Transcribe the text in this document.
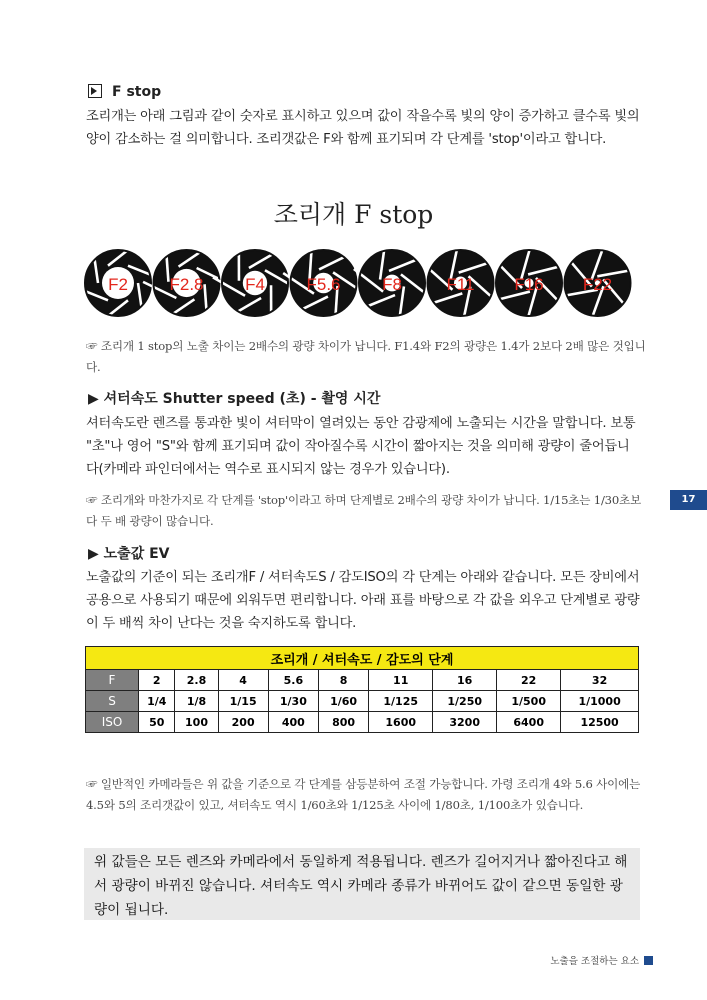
F stop
조리개는 아래 그림과 같이 숫자로 표시하고 있으며 값이 작을수록 빛의 양이 증가하고 클수록 빛의 양이 감소하는 걸 의미합니다. 조리갯값은 F와 함께 표기되며 각 단계를 'stop'이라고 합니다.
조리개 F stop
F2 F2.8 F4 F5.6 F8	F11 F16 F22
☞ 조리개 1 stop의 노출 차이는 2배수의 광량 차이가 납니다. F1.4와 F2의 광량은 1.4가 2보다 2배 많은 것입니다.
▶ 셔터속도 Shutter speed (초) - 촬영 시간
셔터속도란 렌즈를 통과한 빛이 셔터막이 열려있는 동안 감광제에 노출되는 시간을 말합니다. 보통 "초"나 영어 "S"와 함께 표기되며 값이 작아질수록 시간이 짧아지는 것을 의미해 광량이 줄어듭니다(카메라 파인더에서는 역수로 표시되지 않는 경우가 있습니다).
☞ 조리개와 마찬가지로 각 단계를 'stop'이라고 하며 단계별로 2배수의 광량 차이가 납니다. 1/15초는 1/30초보다 두 배 광량이 많습니다.
17
▶ 노출값 EV
노출값의 기준이 되는 조리개F / 셔터속도S / 감도ISO의 각 단계는 아래와 같습니다. 모든 장비에서 공용으로 사용되기 때문에 외워두면 편리합니다. 아래 표를 바탕으로 각 값을 외우고 단계별로 광량이 두 배씩 차이 난다는 것을 숙지하도록 합니다.
조리개 / 셔터속도 / 감도의 단계									
F	2	2.8	4	5.6	8	11	16	22	32
S	1/4	1/8	1/15	1/30	1/60	1/125	1/250	1/500	1/1000
ISO	50	100	200	400	800	1600	3200	6400	12500
☞ 일반적인 카메라들은 위 값을 기준으로 각 단계를 삼등분하여 조절 가능합니다. 가령 조리개 4와 5.6 사이에는 4.5와 5의 조리갯값이 있고, 셔터속도 역시 1/60초와 1/125초 사이에 1/80초, 1/100초가 있습니다.
위 값들은 모든 렌즈와 카메라에서 동일하게 적용됩니다. 렌즈가 길어지거나 짧아진다고 해서 광량이 바뀌진 않습니다. 셔터속도 역시 카메라 종류가 바뀌어도 값이 같으면 동일한 광량이 됩니다.
노출을 조절하는 요소
